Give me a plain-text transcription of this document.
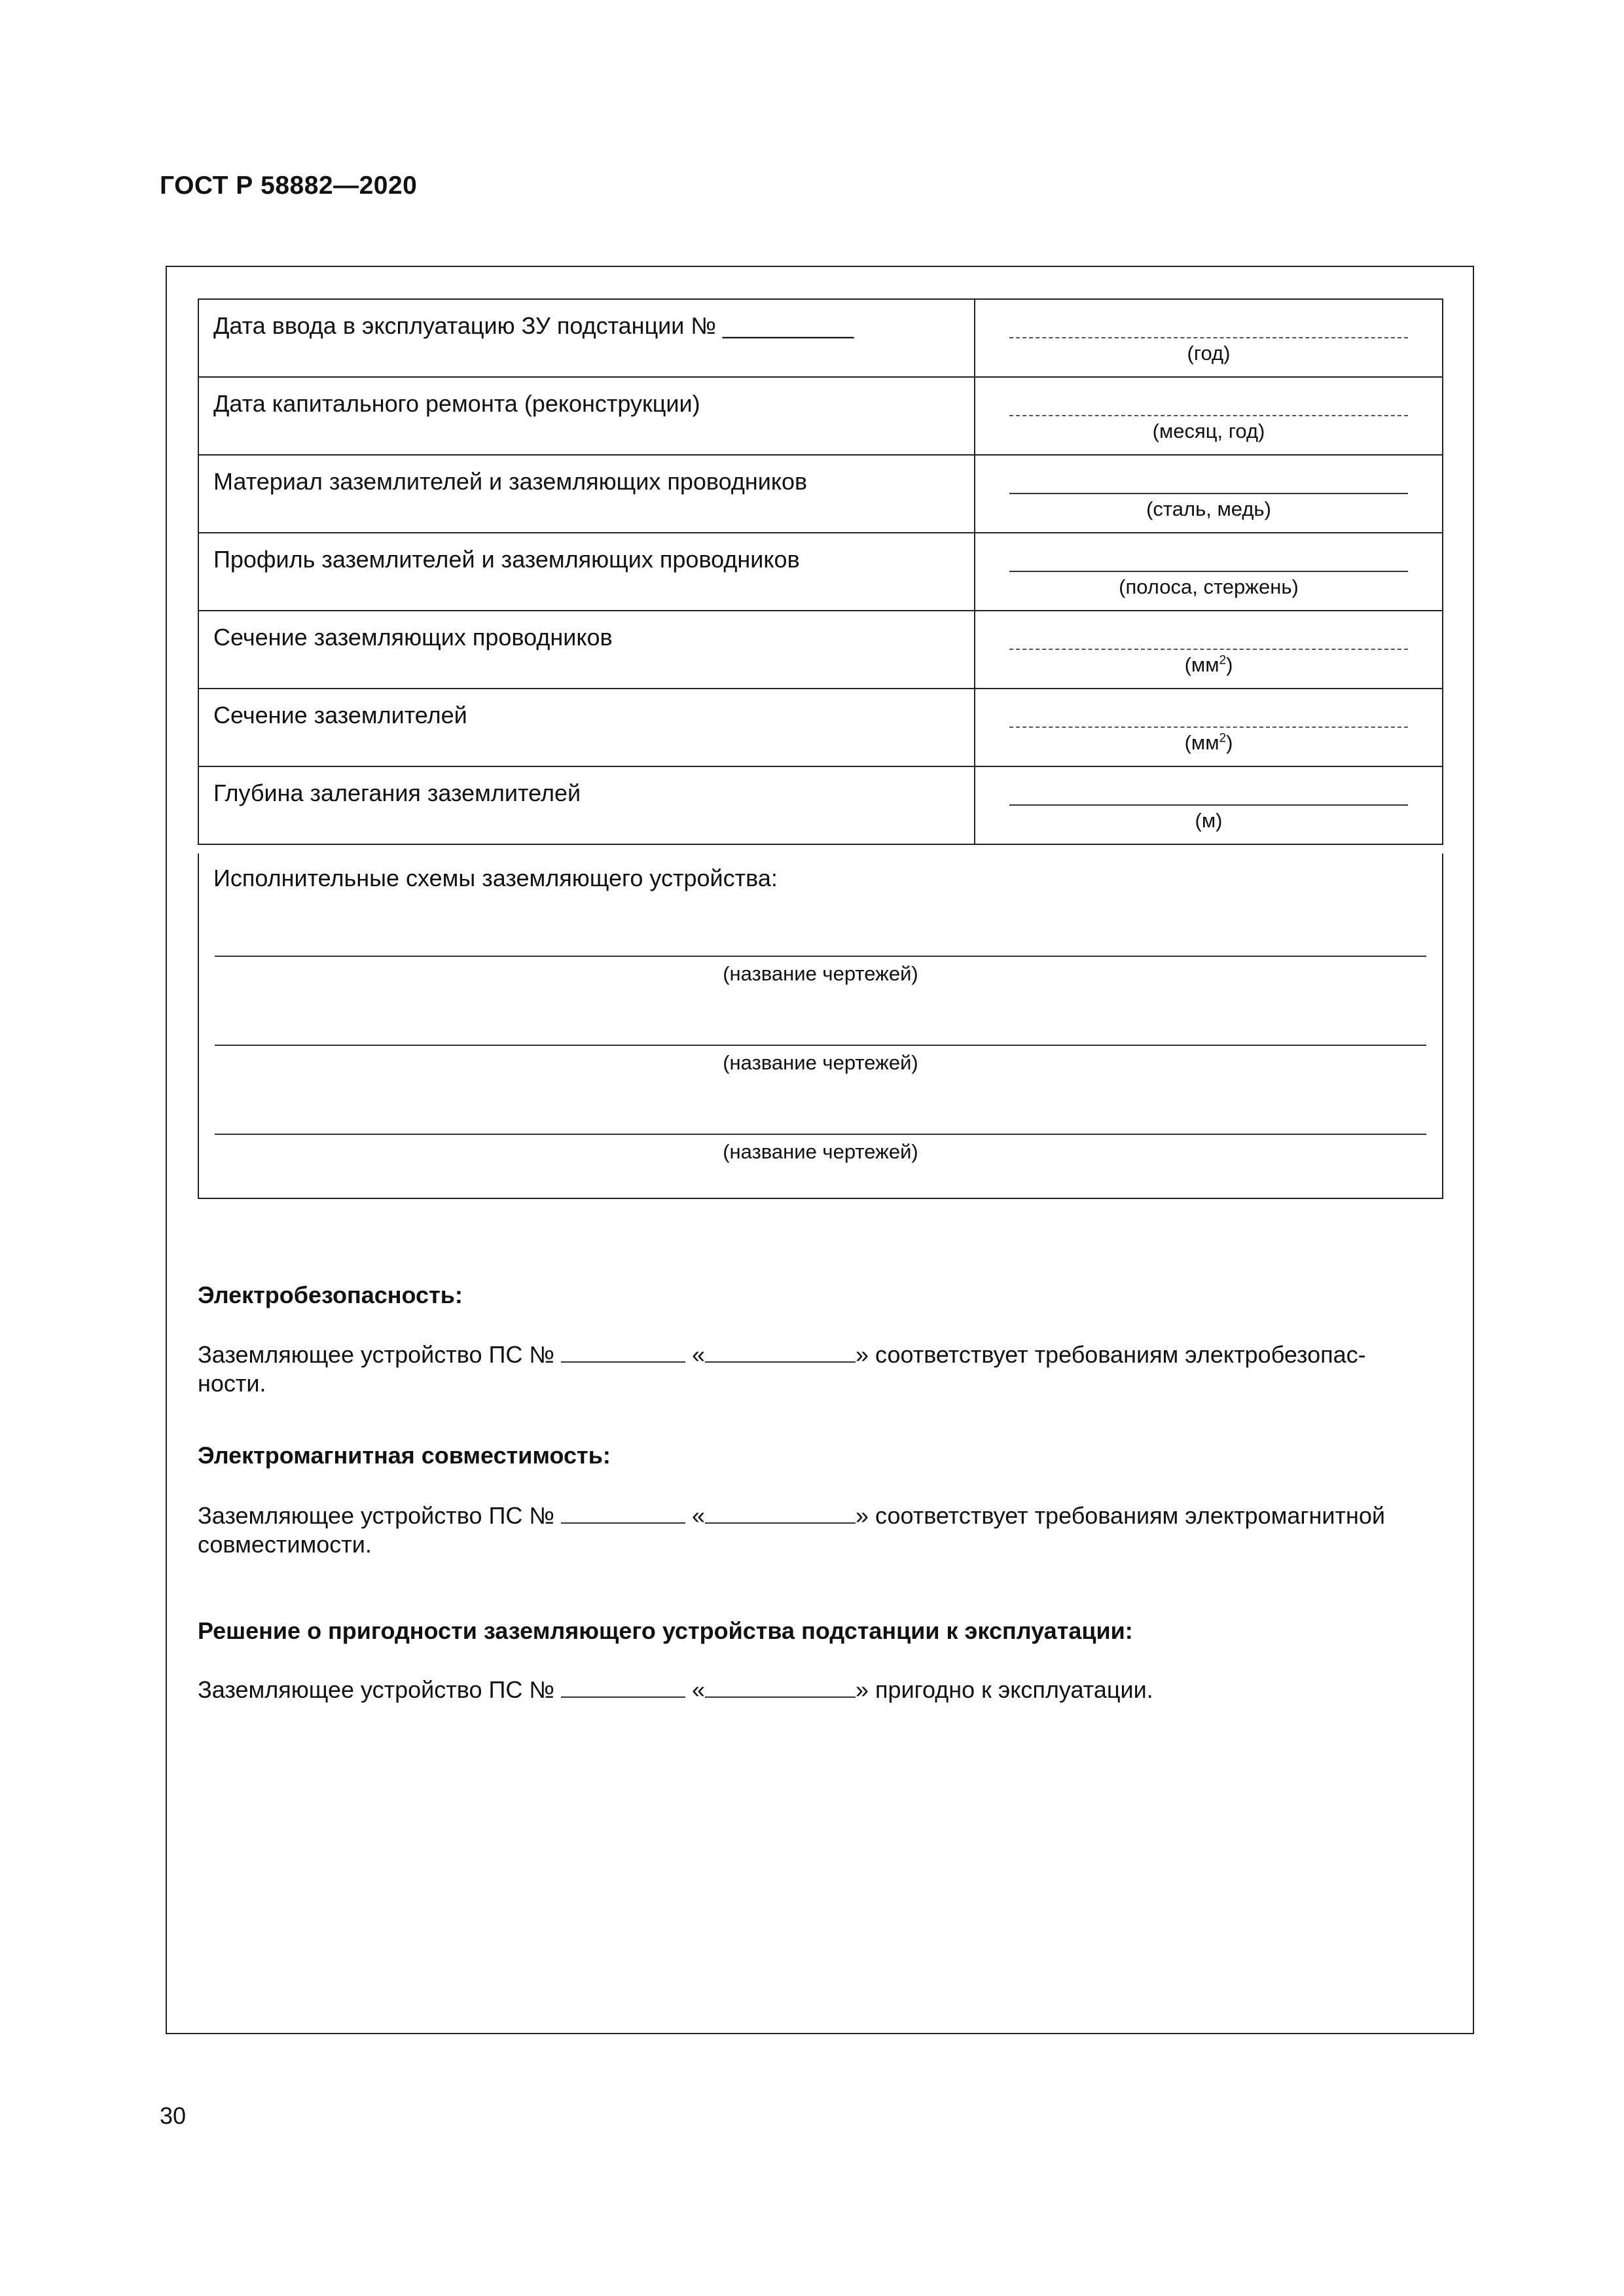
ГОСТ Р 58882—2020
Дата ввода в эксплуатацию ЗУ подстанции № __________	(год)

Дата капитального ремонта (реконструкции)	(месяц, год)

Материал заземлителей и заземляющих проводников	(сталь, медь)

Профиль заземлителей и заземляющих проводников	(полоса, стержень)

Сечение заземляющих проводников	$(мм^2)$

Сечение заземлителей	$(мм^2)$

Глубина залегания заземлителей	(м)
Исполнительные схемы заземляющего устройства:
(название чертежей)
(название чертежей)
(название чертежей)
Электробезопасность:
Заземляющее устройство ПС №	«	» соответствует требованиям электробезопас-
ности.
Электромагнитная совместимость:
Заземляющее устройство ПС №	«	» соответствует требованиям электромагнитной
совместимости.
Решение о пригодности заземляющего устройства подстанции к эксплуатации:
Заземляющее устройство ПС №	«	» пригодно к эксплуатации.
30
